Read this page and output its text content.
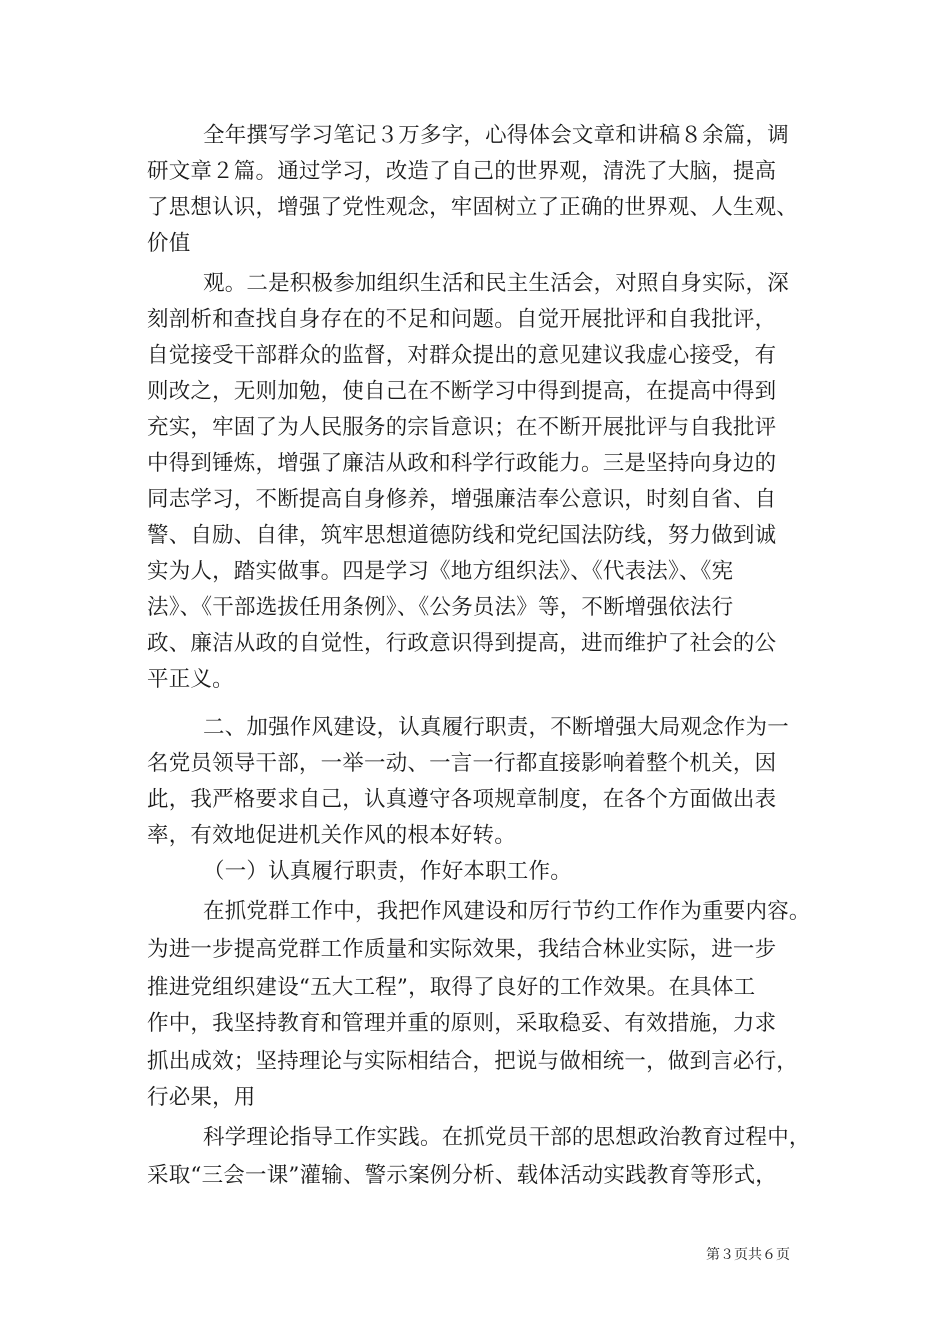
全年撰写学习笔记３万多字，心得体会文章和讲稿８余篇，调
研文章２篇。通过学习，改造了自己的世界观，清洗了大脑，提高
了思想认识，增强了党性观念，牢固树立了正确的世界观、人生观、
价值
观。二是积极参加组织生活和民主生活会，对照自身实际，深
刻剖析和查找自身存在的不足和问题。自觉开展批评和自我批评，
自觉接受干部群众的监督，对群众提出的意见建议我虚心接受，有
则改之，无则加勉，使自己在不断学习中得到提高，在提高中得到
充实，牢固了为人民服务的宗旨意识；在不断开展批评与自我批评
中得到锤炼，增强了廉洁从政和科学行政能力。三是坚持向身边的
同志学习，不断提高自身修养，增强廉洁奉公意识，时刻自省、自
警、自励、自律，筑牢思想道德防线和党纪国法防线，努力做到诚
实为人，踏实做事。四是学习《地方组织法》、《代表法》、《宪
法》、《干部选拔任用条例》、《公务员法》等，不断增强依法行
政、廉洁从政的自觉性，行政意识得到提高，进而维护了社会的公
平正义。
二、加强作风建设，认真履行职责，不断增强大局观念作为一
名党员领导干部，一举一动、一言一行都直接影响着整个机关，因
此，我严格要求自己，认真遵守各项规章制度，在各个方面做出表
率，有效地促进机关作风的根本好转。
（一）认真履行职责，作好本职工作。
在抓党群工作中，我把作风建设和厉行节约工作作为重要内容。
为进一步提高党群工作质量和实际效果，我结合林业实际，进一步
推进党组织建设“五大工程”，取得了良好的工作效果。在具体工
作中，我坚持教育和管理并重的原则，采取稳妥、有效措施，力求
抓出成效；坚持理论与实际相结合，把说与做相统一，做到言必行，
行必果，用
科学理论指导工作实践。在抓党员干部的思想政治教育过程中，
采取“三会一课”灌输、警示案例分析、载体活动实践教育等形式，
第３页共６页
